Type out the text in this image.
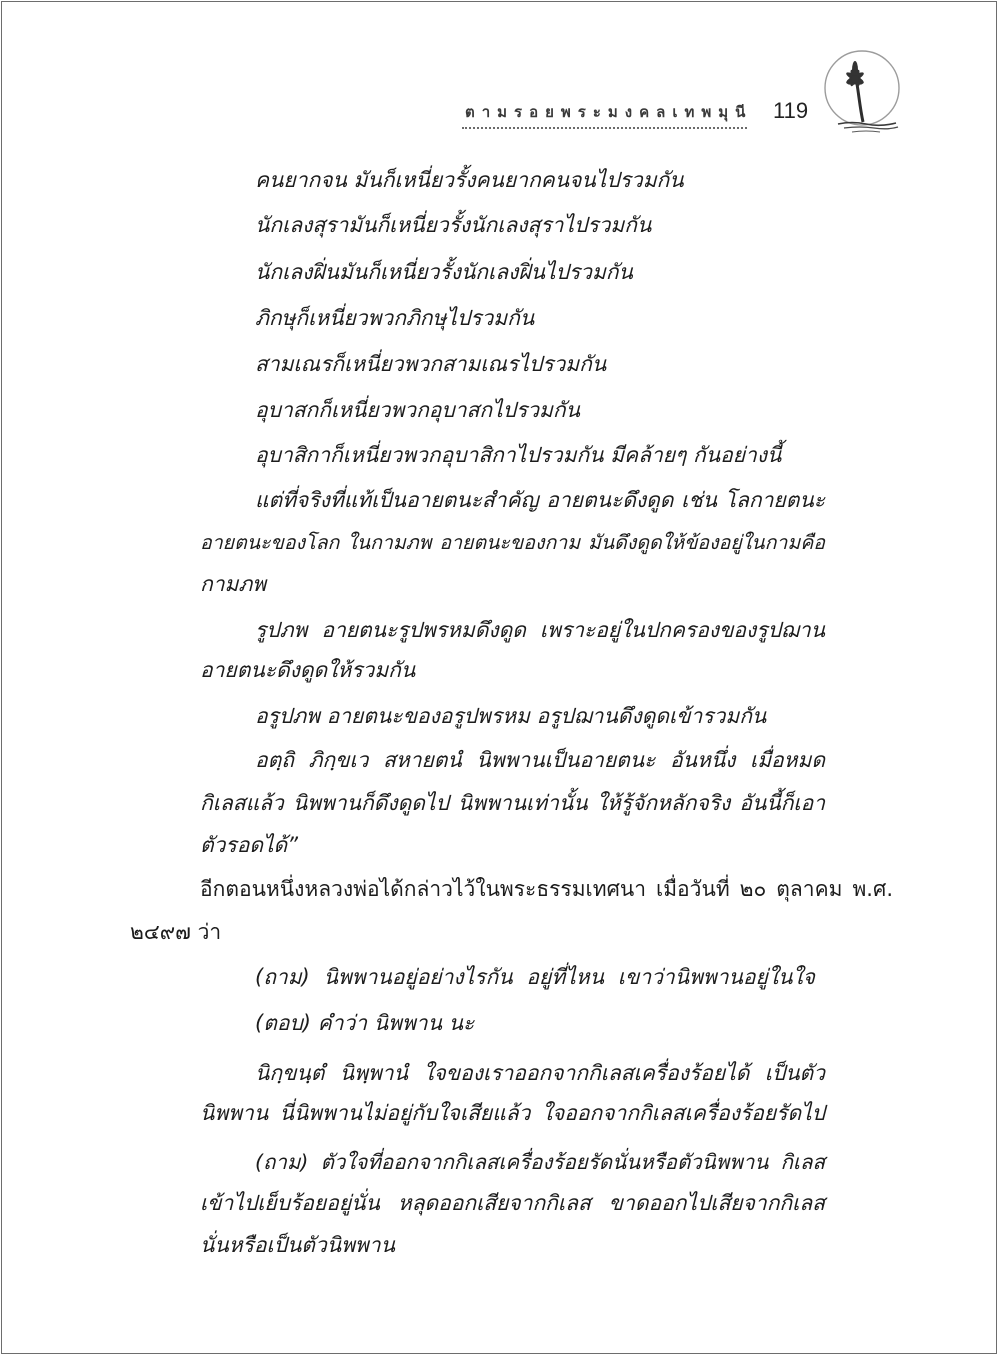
ตามรอยพระมงคลเทพมุนี 119
คนยากจน มันก็เหนี่ยวรั้งคนยากคนจนไปรวมกัน
นักเลงสุรามันก็เหนี่ยวรั้งนักเลงสุราไปรวมกัน
นักเลงฝิ่นมันก็เหนี่ยวรั้งนักเลงฝิ่นไปรวมกัน
ภิกษุก็เหนี่ยวพวกภิกษุไปรวมกัน
สามเณรก็เหนี่ยวพวกสามเณรไปรวมกัน
อุบาสกก็เหนี่ยวพวกอุบาสกไปรวมกัน
อุบาสิกาก็เหนี่ยวพวกอุบาสิกาไปรวมกัน มีคล้ายๆ กันอย่างนี้
แต่ที่จริงที่แท้เป็นอายตนะสำคัญ อายตนะดึงดูด เช่น โลกายตนะ
อายตนะของโลก ในกามภพ อายตนะของกาม มันดึงดูดให้ข้องอยู่ในกามคือ
กามภพ
รูปภพ อายตนะรูปพรหมดึงดูด เพราะอยู่ในปกครองของรูปฌาน
อายตนะดึงดูดให้รวมกัน
อรูปภพ อายตนะของอรูปพรหม อรูปฌานดึงดูดเข้ารวมกัน
อตฺถิ ภิกฺขเว สหายตนํ นิพพานเป็นอายตนะ อันหนึ่ง เมื่อหมด
กิเลสแล้ว นิพพานก็ดึงดูดไป นิพพานเท่านั้น ให้รู้จักหลักจริง อันนี้ก็เอา
ตัวรอดได้”
อีกตอนหนึ่งหลวงพ่อได้กล่าวไว้ในพระธรรมเทศนา เมื่อวันที่ ๒๐ ตุลาคม พ.ศ.
๒๔๙๗ ว่า
(ถาม) นิพพานอยู่อย่างไรกัน อยู่ที่ไหน เขาว่านิพพานอยู่ในใจ
(ตอบ) คำว่า นิพพาน นะ
นิกฺขนฺตํ นิพฺพานํ ใจของเราออกจากกิเลสเครื่องร้อยได้ เป็นตัว
นิพพาน นี่นิพพานไม่อยู่กับใจเสียแล้ว ใจออกจากกิเลสเครื่องร้อยรัดไป
(ถาม) ตัวใจที่ออกจากกิเลสเครื่องร้อยรัดนั่นหรือตัวนิพพาน กิเลส
เข้าไปเย็บร้อยอยู่นั่น หลุดออกเสียจากกิเลส ขาดออกไปเสียจากกิเลส
นั่นหรือเป็นตัวนิพพาน
